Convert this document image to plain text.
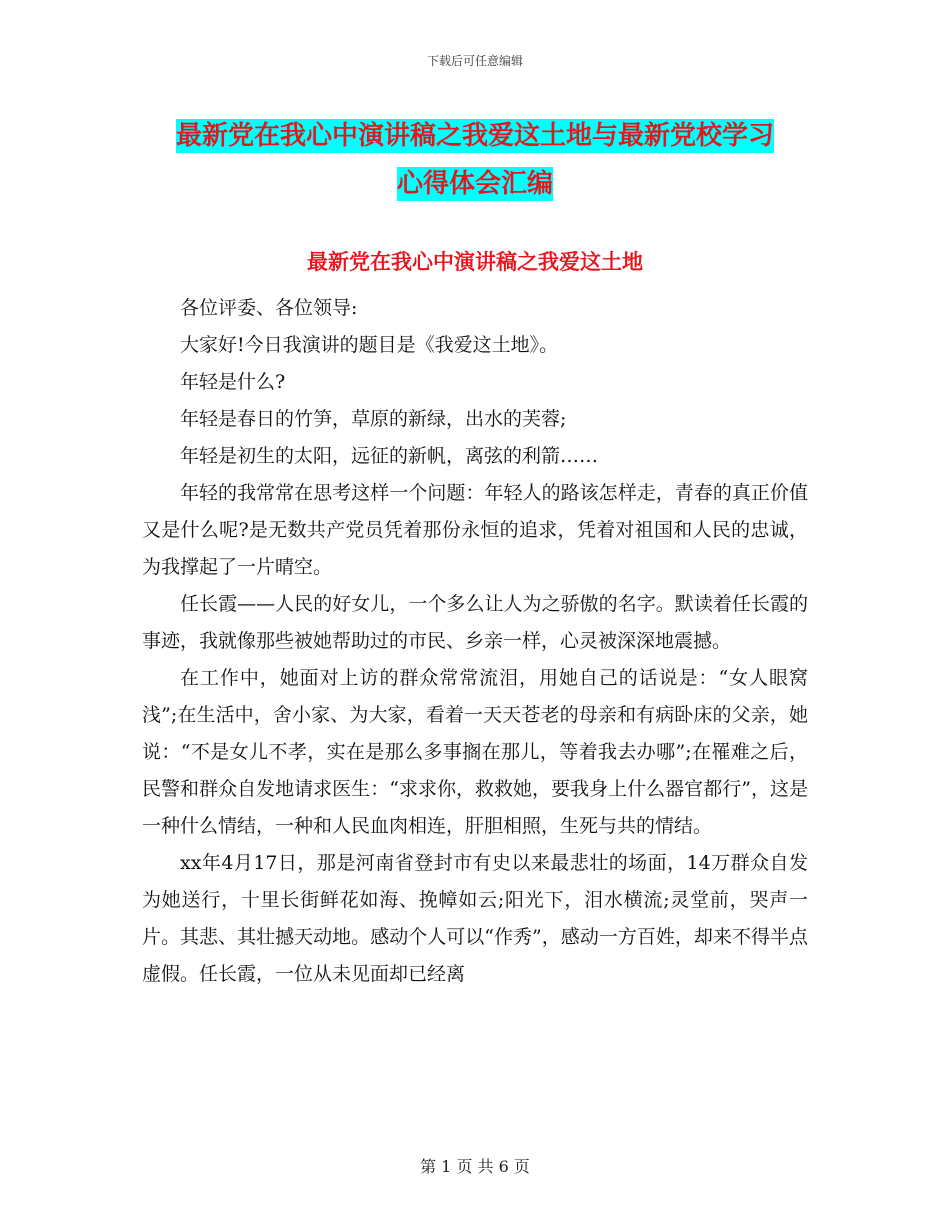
下载后可任意编辑
最新党在我心中演讲稿之我爱这土地与最新党校学习
心得体会汇编
最新党在我心中演讲稿之我爱这土地

各位评委、各位领导:

大家好!今日我演讲的题目是《我爱这土地》。

年轻是什么?

年轻是春日的竹笋，草原的新绿，出水的芙蓉;

年轻是初生的太阳，远征的新帆，离弦的利箭……

年轻的我常常在思考这样一个问题：年轻人的路该怎样走，青春的真正价值又是什么呢?是无数共产党员凭着那份永恒的追求，凭着对祖国和人民的忠诚，为我撑起了一片晴空。

任长霞——人民的好女儿，一个多么让人为之骄傲的名字。默读着任长霞的事迹，我就像那些被她帮助过的市民、乡亲一样，心灵被深深地震撼。

在工作中，她面对上访的群众常常流泪，用她自己的话说是：“女人眼窝浅”;在生活中，舍小家、为大家，看着一天天苍老的母亲和有病卧床的父亲，她说：“不是女儿不孝，实在是那么多事搁在那儿，等着我去办哪”;在罹难之后，民警和群众自发地请求医生：“求求你，救救她，要我身上什么器官都行”，这是一种什么情结，一种和人民血肉相连，肝胆相照，生死与共的情结。

xx年4月17日，那是河南省登封市有史以来最悲壮的场面，14万群众自发为她送行，十里长街鲜花如海、挽幛如云;阳光下，泪水横流;灵堂前，哭声一片。其悲、其壮撼天动地。感动个人可以“作秀”，感动一方百姓，却来不得半点虚假。任长霞，一位从未见面却已经离

第 1 页 共 6 页
